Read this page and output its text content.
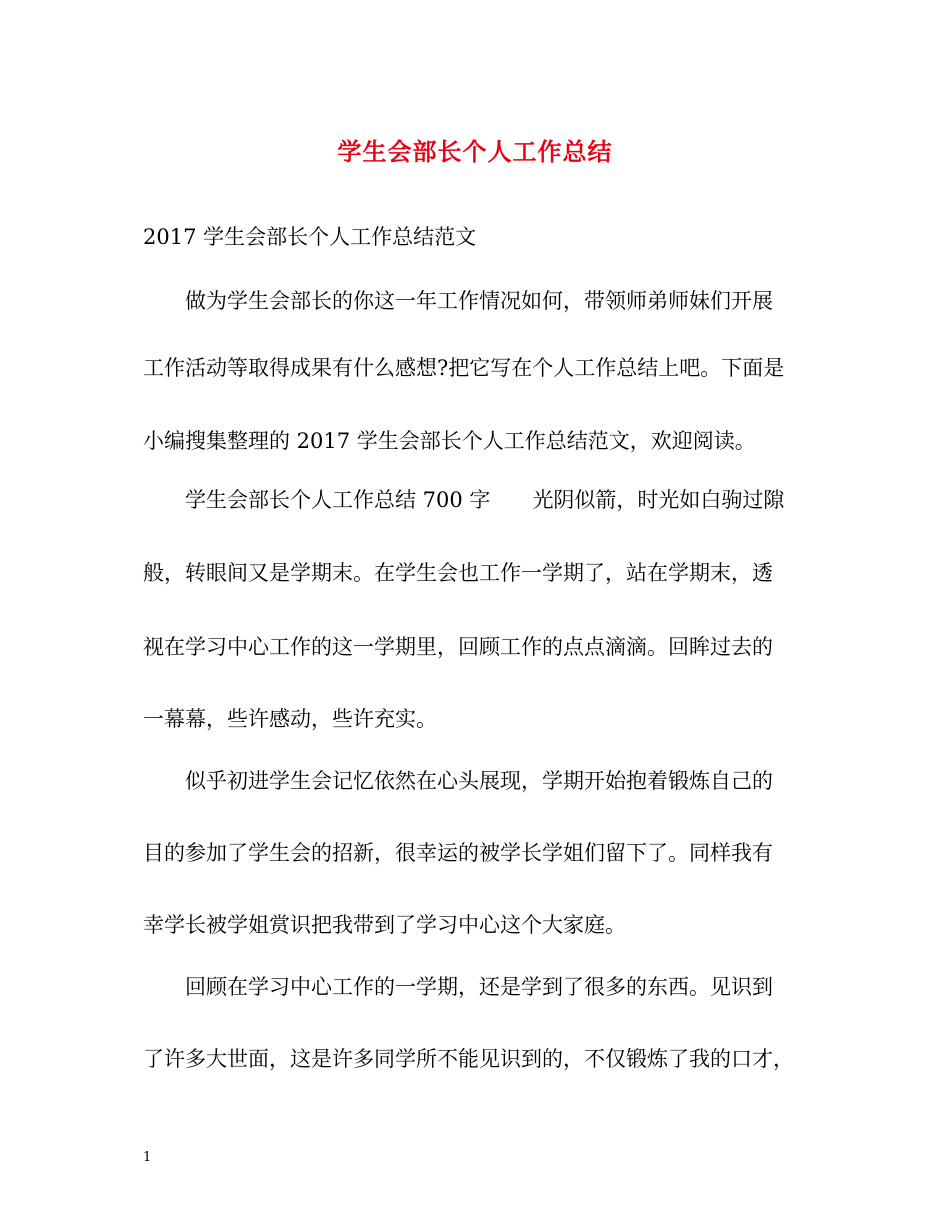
学生会部长个人工作总结
2017 学生会部长个人工作总结范文
做为学生会部长的你这一年工作情况如何，带领师弟师妹们开展
工作活动等取得成果有什么感想?把它写在个人工作总结上吧。下面是
小编搜集整理的 2017 学生会部长个人工作总结范文，欢迎阅读。
学生会部长个人工作总结 700 字 光阴似箭，时光如白驹过隙
般，转眼间又是学期末。在学生会也工作一学期了，站在学期末，透
视在学习中心工作的这一学期里，回顾工作的点点滴滴。回眸过去的
一幕幕，些许感动，些许充实。
似乎初进学生会记忆依然在心头展现，学期开始抱着锻炼自己的
目的参加了学生会的招新，很幸运的被学长学姐们留下了。同样我有
幸学长被学姐赏识把我带到了学习中心这个大家庭。
回顾在学习中心工作的一学期，还是学到了很多的东西。见识到
了许多大世面，这是许多同学所不能见识到的，不仅锻炼了我的口才，
1
